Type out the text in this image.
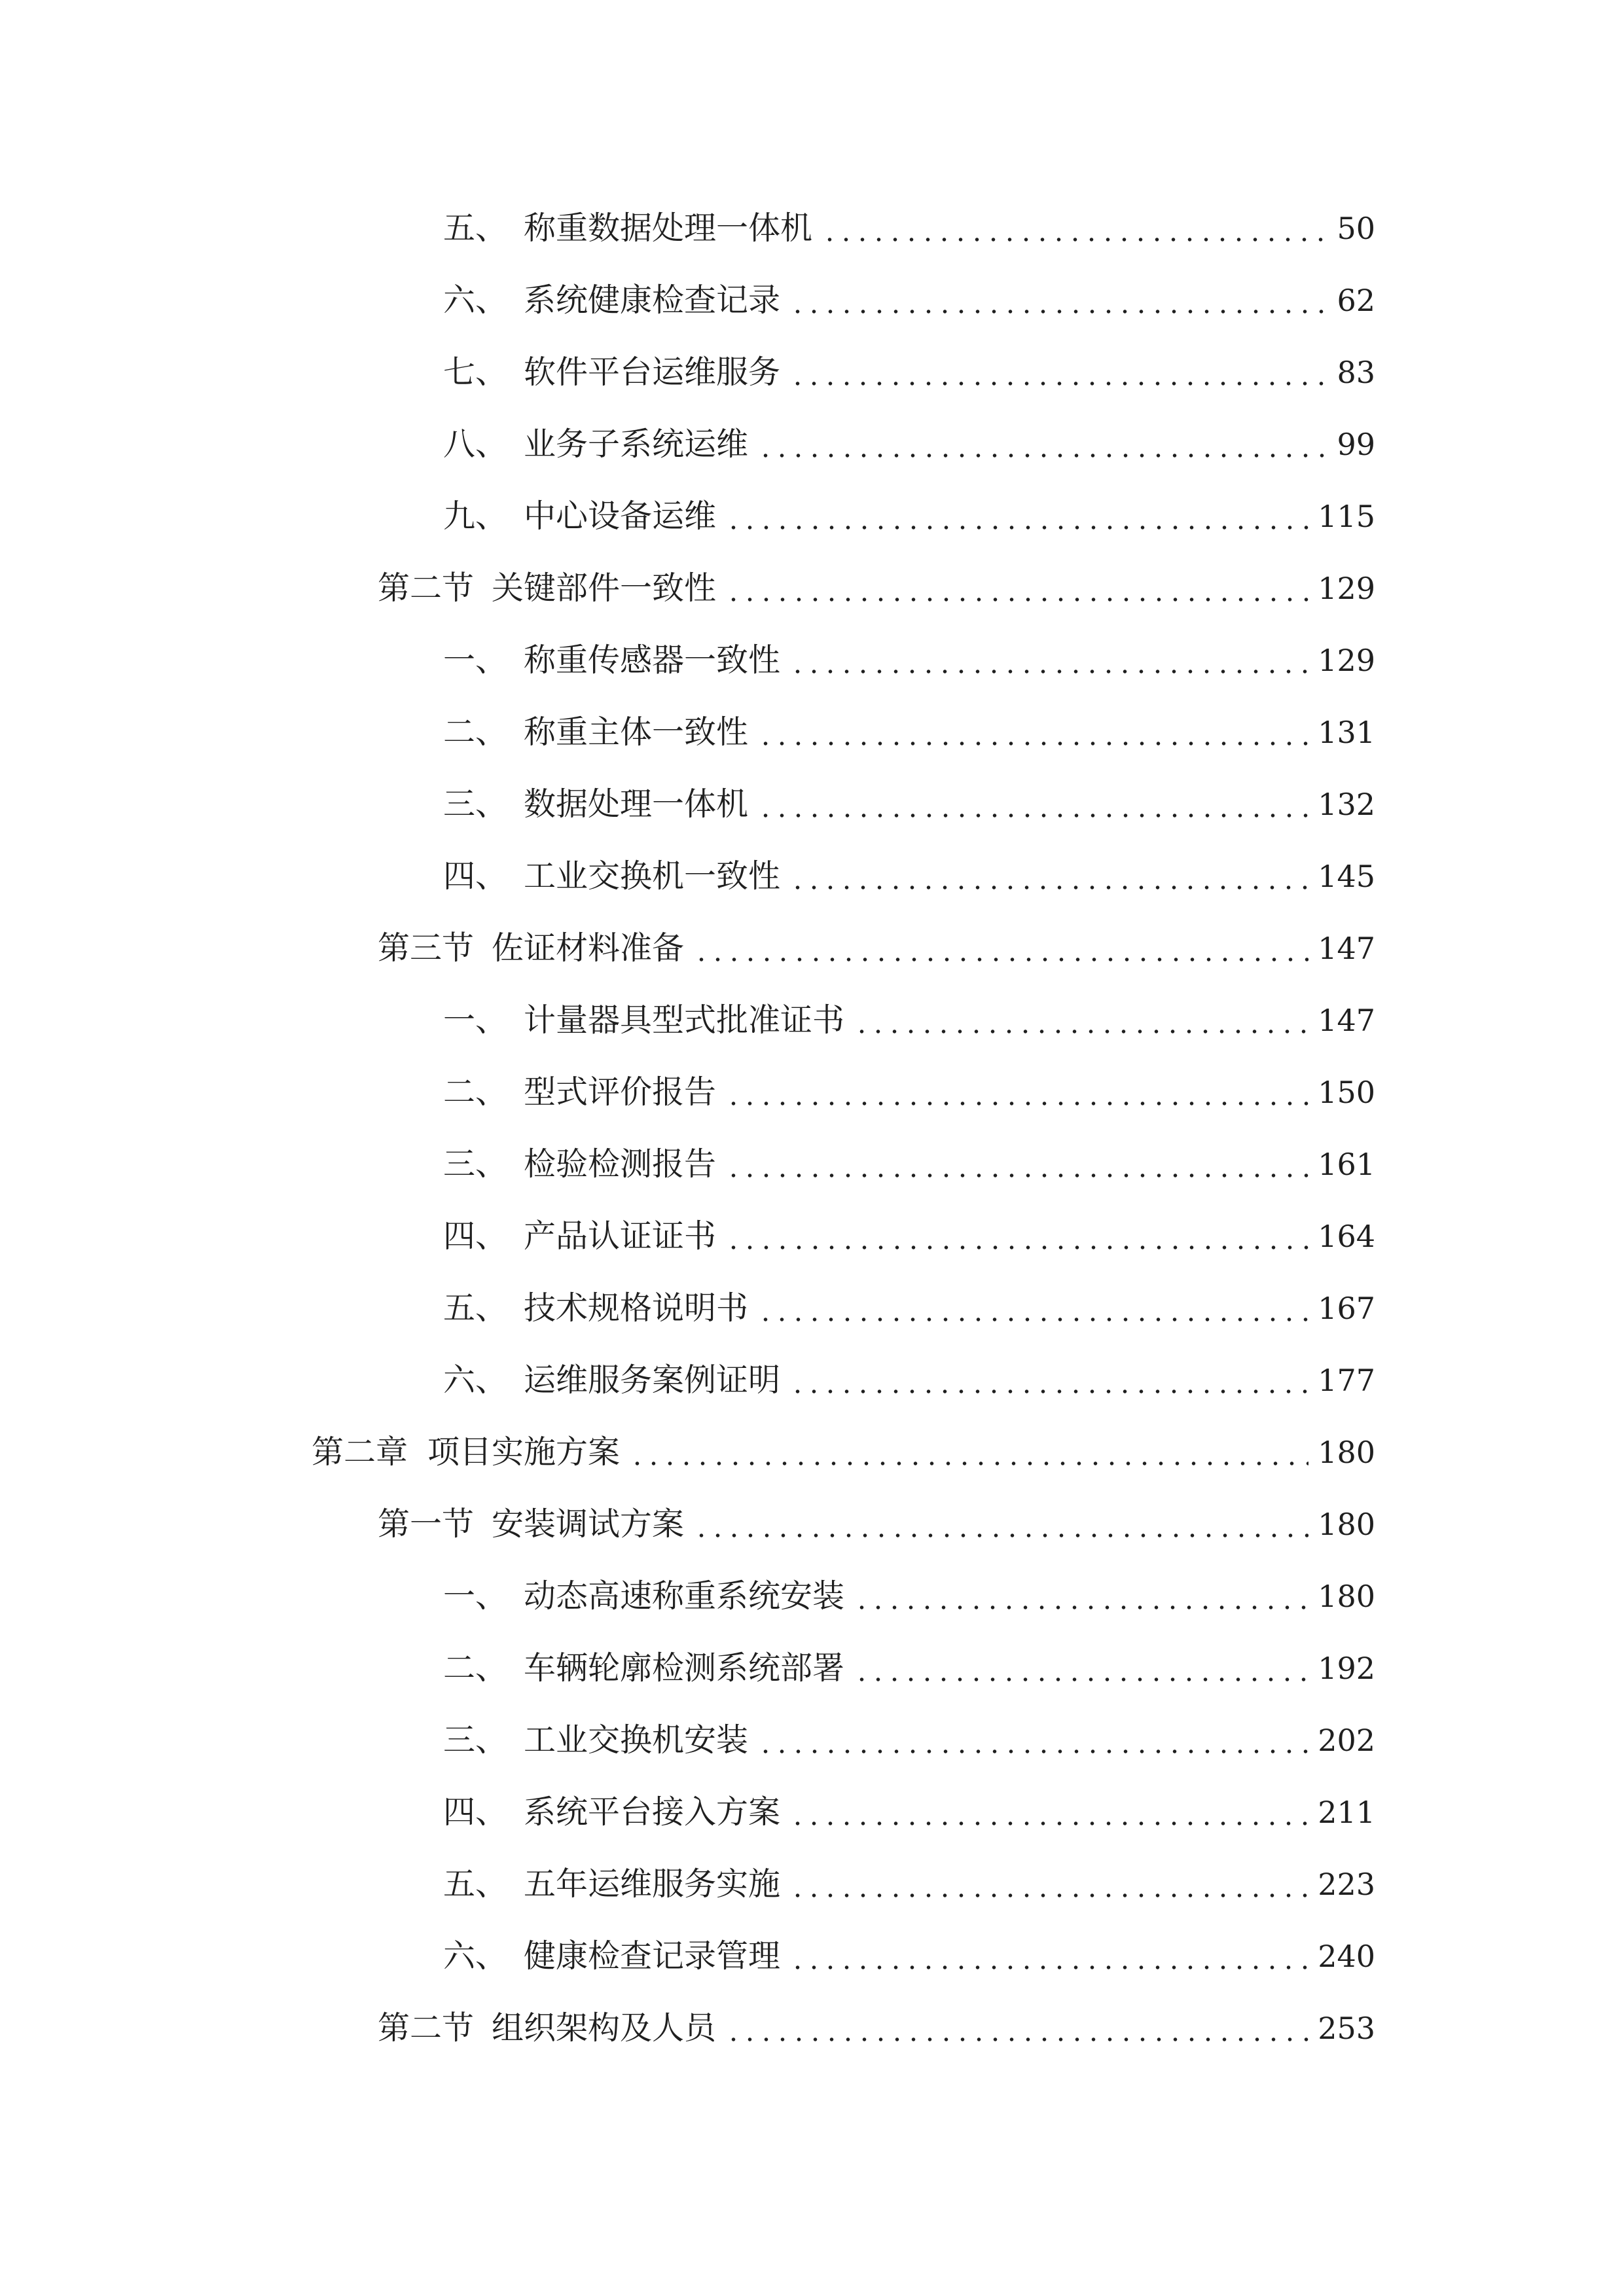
五、 称重数据处理一体机	50
六、 系统健康检查记录	62
七、 软件平台运维服务	83
八、 业务子系统运维	99
九、 中心设备运维	115
第二节 关键部件一致性	129
一、 称重传感器一致性	129
二、 称重主体一致性	131
三、 数据处理一体机	132
四、 工业交换机一致性	145
第三节 佐证材料准备	147
一、 计量器具型式批准证书	147
二、 型式评价报告	150
三、 检验检测报告	161
四、 产品认证证书	164
五、 技术规格说明书	167
六、 运维服务案例证明	177
第二章 项目实施方案	180
第一节 安装调试方案	180
一、 动态高速称重系统安装	180
二、 车辆轮廓检测系统部署	192
三、 工业交换机安装	202
四、 系统平台接入方案	211
五、 五年运维服务实施	223
六、 健康检查记录管理	240
第二节 组织架构及人员	253
